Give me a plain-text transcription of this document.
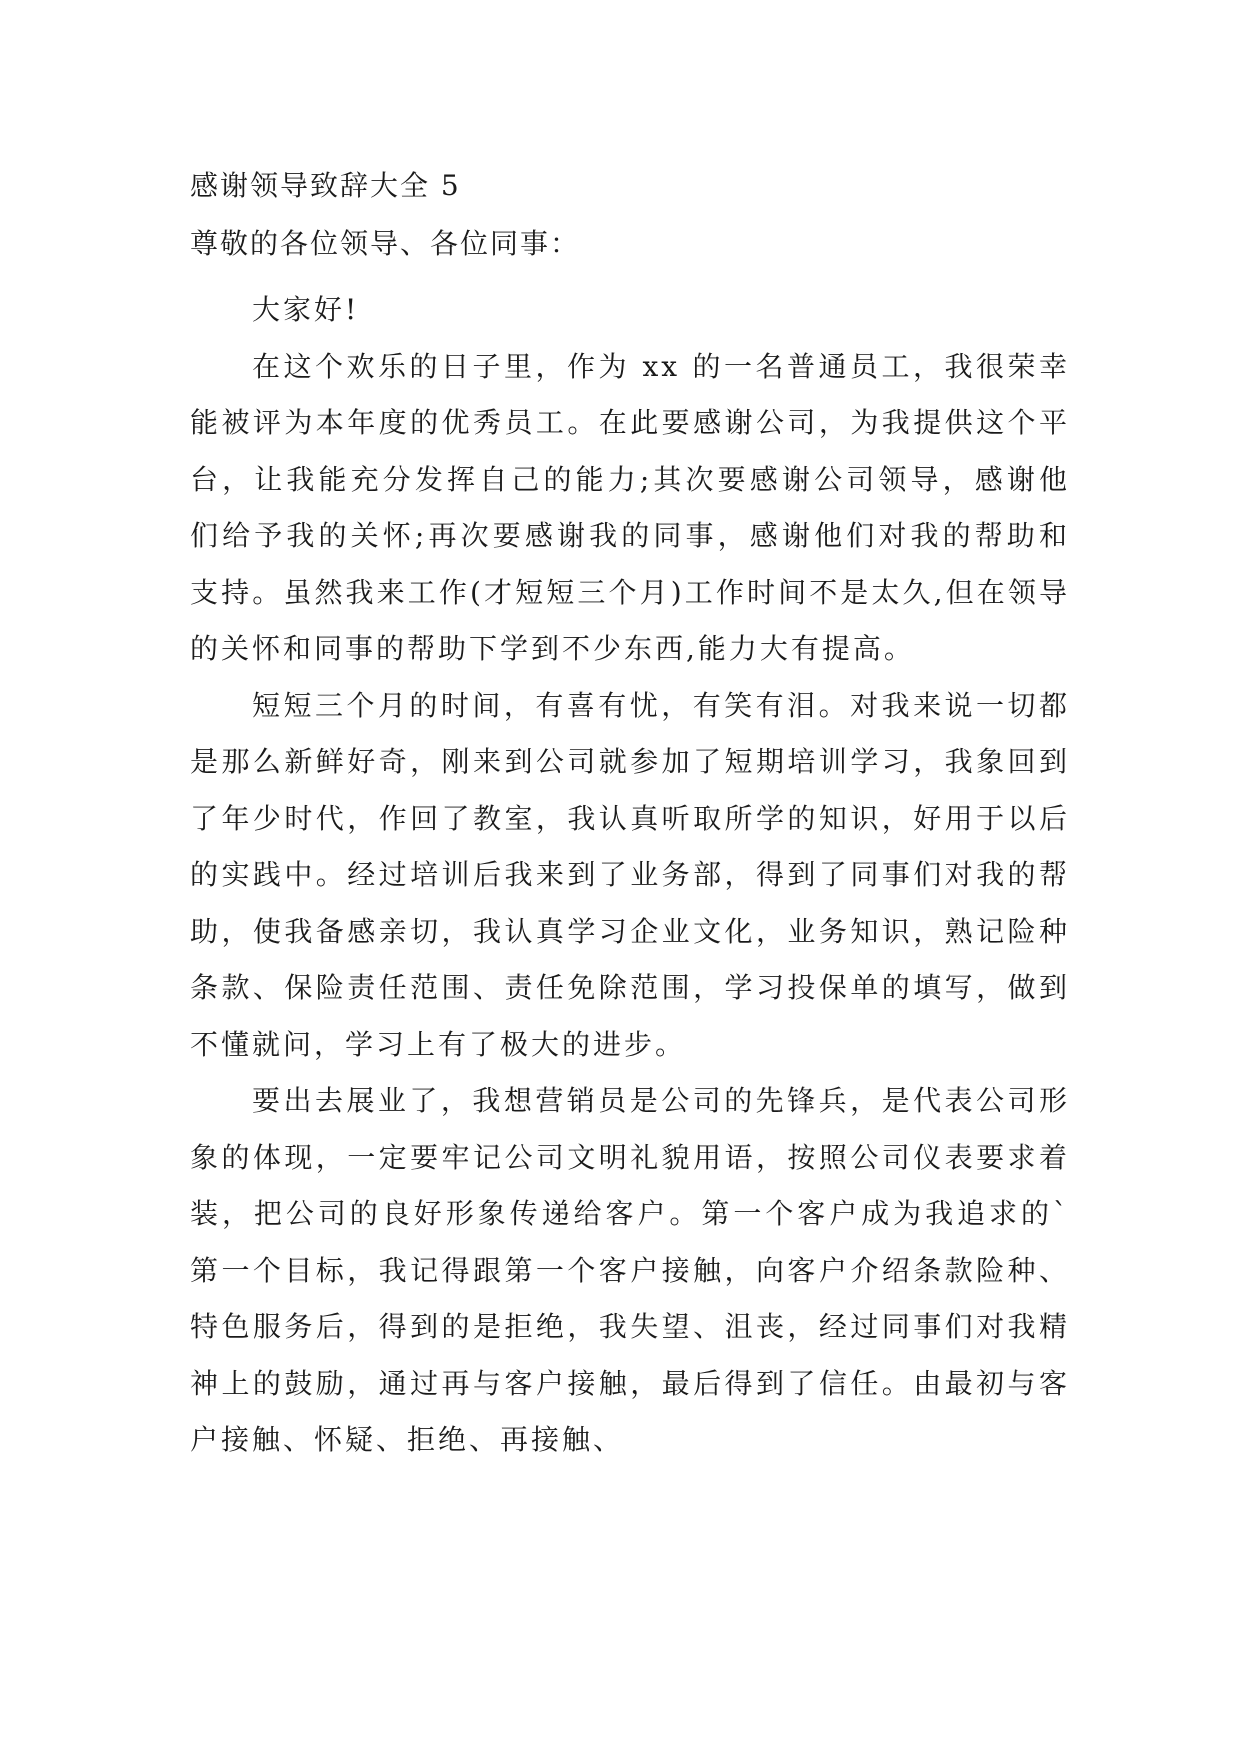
感谢领导致辞大全 5
尊敬的各位领导、各位同事：

大家好!

在这个欢乐的日子里，作为 xx 的一名普通员工，我很荣幸能被评为本年度的优秀员工。在此要感谢公司，为我提供这个平台，让我能充分发挥自己的能力;其次要感谢公司领导，感谢他们给予我的关怀;再次要感谢我的同事，感谢他们对我的帮助和支持。虽然我来工作(才短短三个月)工作时间不是太久,但在领导的关怀和同事的帮助下学到不少东西,能力大有提高。

短短三个月的时间，有喜有忧，有笑有泪。对我来说一切都是那么新鲜好奇，刚来到公司就参加了短期培训学习，我象回到了年少时代，作回了教室，我认真听取所学的知识，好用于以后的实践中。经过培训后我来到了业务部，得到了同事们对我的帮助，使我备感亲切，我认真学习企业文化，业务知识，熟记险种条款、保险责任范围、责任免除范围，学习投保单的填写，做到不懂就问，学习上有了极大的进步。

要出去展业了，我想营销员是公司的先锋兵，是代表公司形象的体现，一定要牢记公司文明礼貌用语，按照公司仪表要求着装，把公司的良好形象传递给客户。第一个客户成为我追求的`第一个目标，我记得跟第一个客户接触，向客户介绍条款险种、特色服务后，得到的是拒绝，我失望、沮丧，经过同事们对我精神上的鼓励，通过再与客户接触，最后得到了信任。由最初与客户接触、怀疑、拒绝、再接触、
